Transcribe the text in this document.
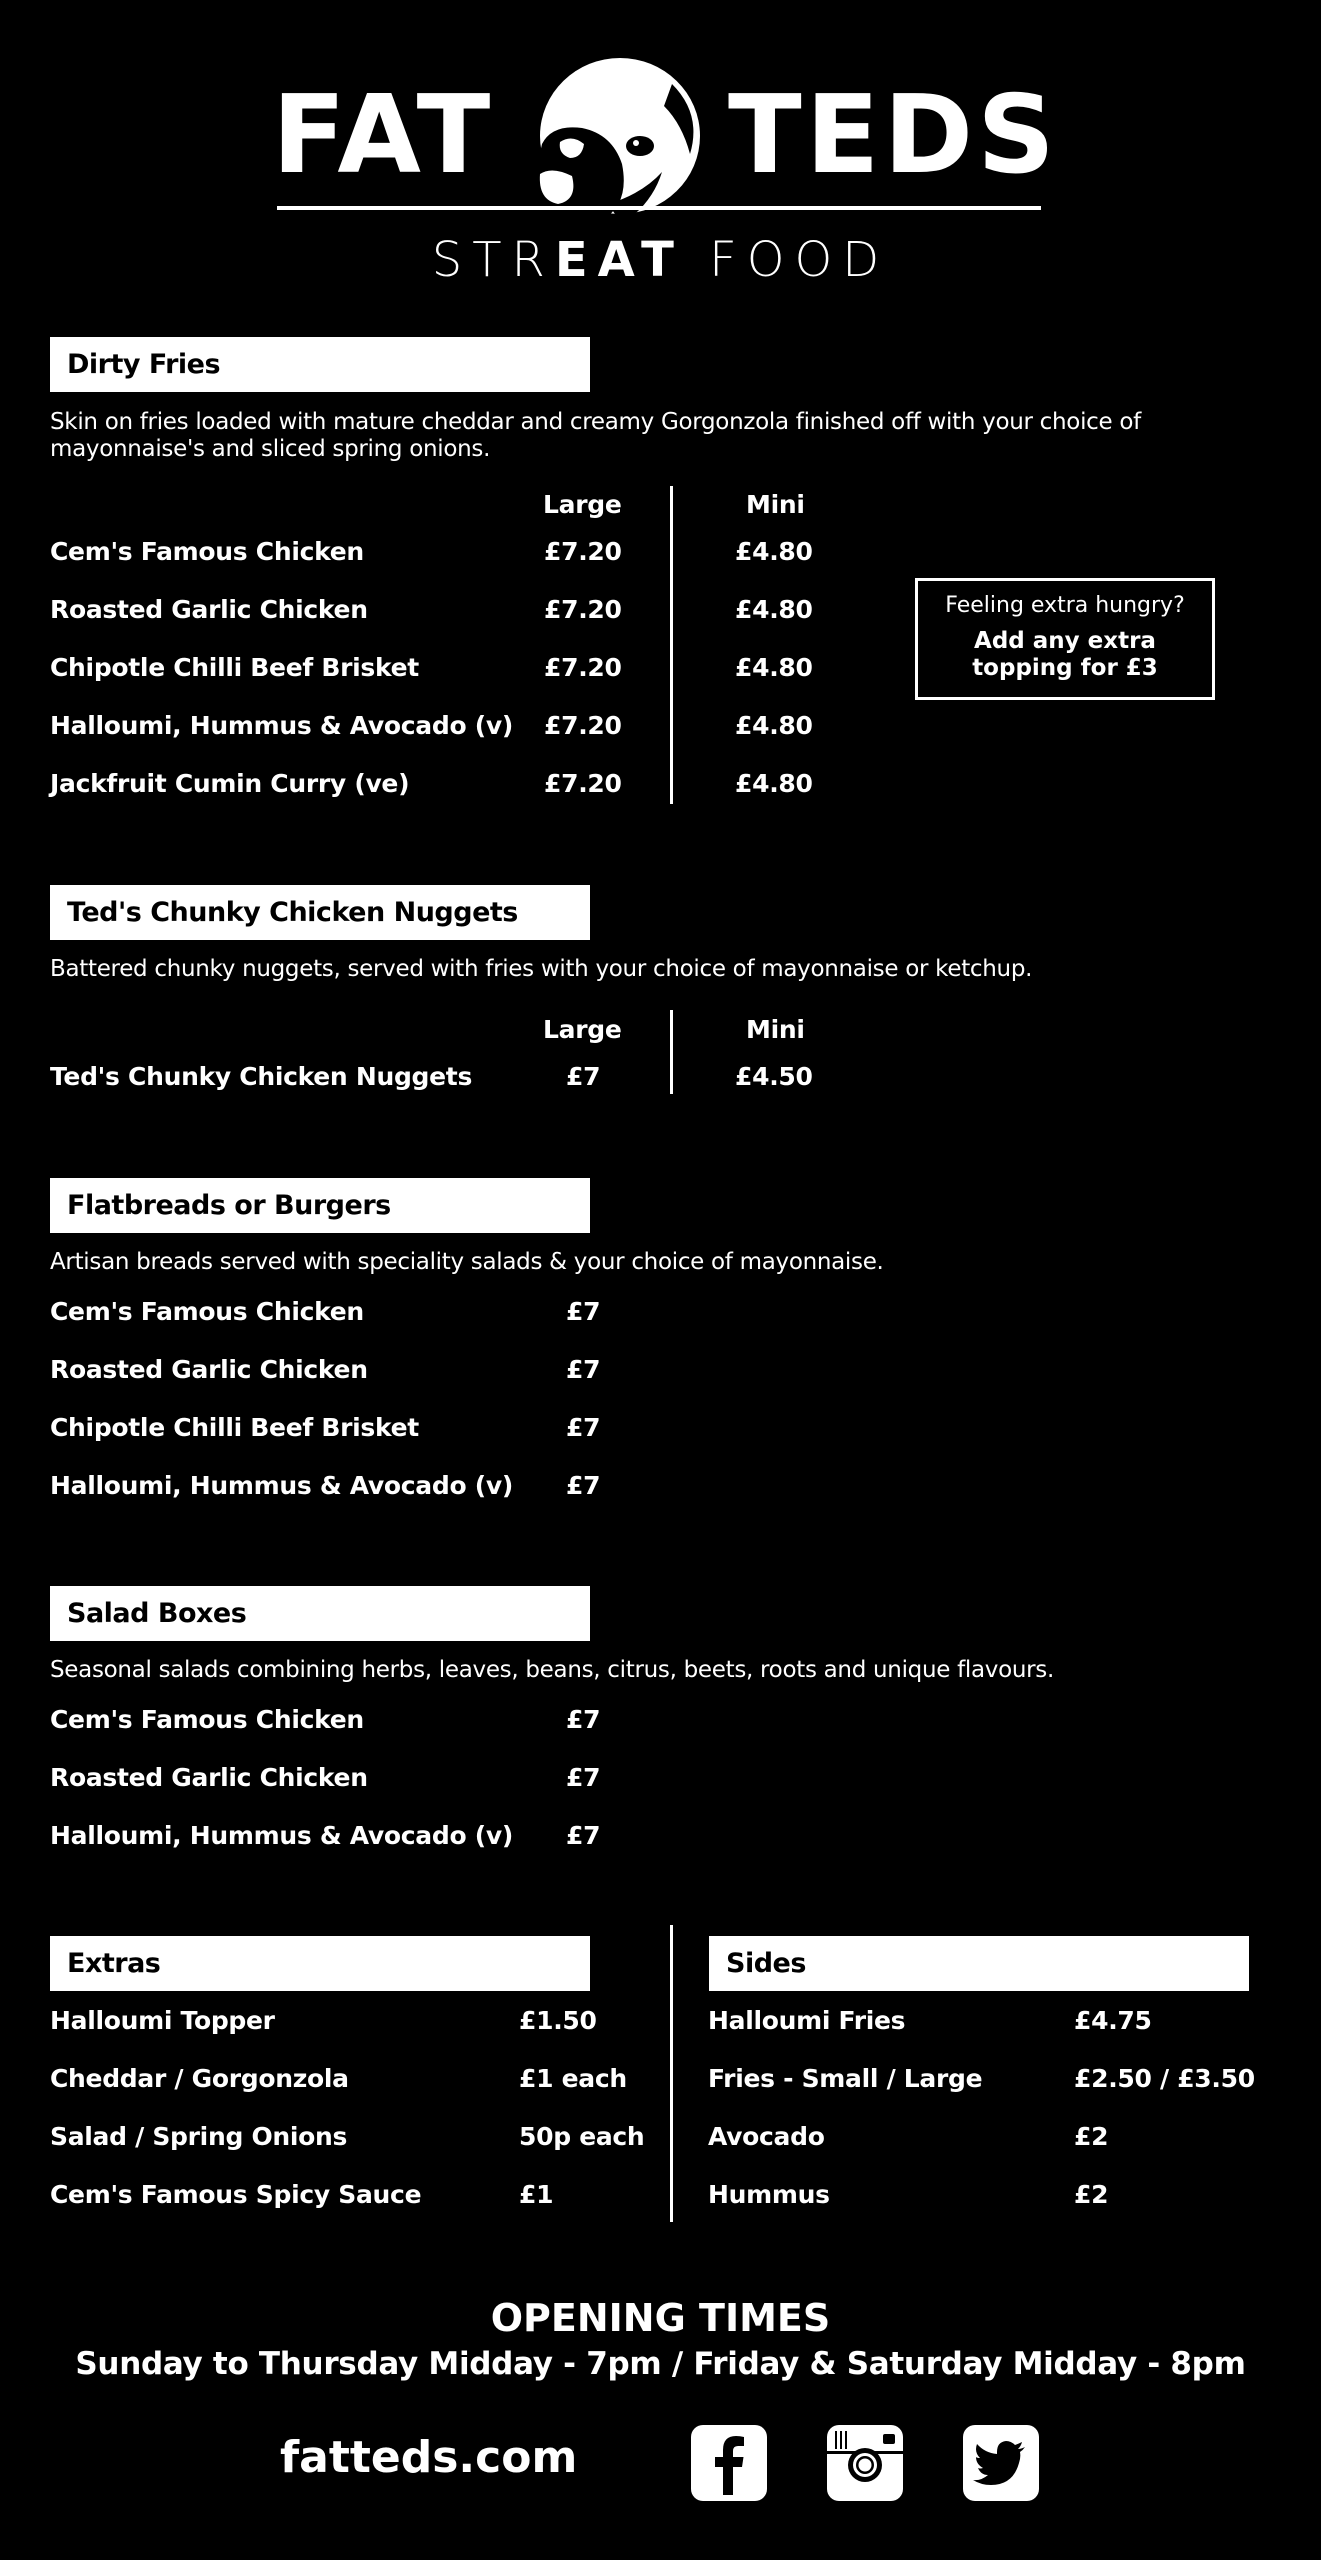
FAT TEDS
STREAT FOOD
Dirty Fries
Skin on fries loaded with mature cheddar and creamy Gorgonzola finished off with your choice of
mayonnaise's and sliced spring onions.
Large	Mini
Cem's Famous Chicken	£7.20	£4.80
Roasted Garlic Chicken	£7.20	£4.80
Chipotle Chilli Beef Brisket	£7.20	£4.80
Halloumi, Hummus & Avocado (v) £7.20	£4.80
Jackfruit Cumin Curry (ve)	£7.20	£4.80
Feeling extra hungry?
Add any extra
topping for £3
Ted's Chunky Chicken Nuggets
Battered chunky nuggets, served with fries with your choice of mayonnaise or ketchup.
Large	Mini
Ted's Chunky Chicken Nuggets	£7	£4.50
Flatbreads or Burgers
Artisan breads served with speciality salads & your choice of mayonnaise.
Cem's Famous Chicken	£7
Roasted Garlic Chicken	£7
Chipotle Chilli Beef Brisket	£7
Halloumi, Hummus & Avocado (v) £7
Salad Boxes
Seasonal salads combining herbs, leaves, beans, citrus, beets, roots and unique flavours.
Cem's Famous Chicken	£7
Roasted Garlic Chicken	£7
Halloumi, Hummus & Avocado (v) £7
Extras
Halloumi Topper	£1.50
Cheddar / Gorgonzola	£1 each
Salad / Spring Onions	50p each
Cem's Famous Spicy Sauce	£1
Sides
Halloumi Fries	£4.75
Fries - Small / Large	£2.50 / £3.50
Avocado	£2
Hummus	£2
OPENING TIMES
Sunday to Thursday Midday - 7pm / Friday & Saturday Midday - 8pm
fatteds.com
